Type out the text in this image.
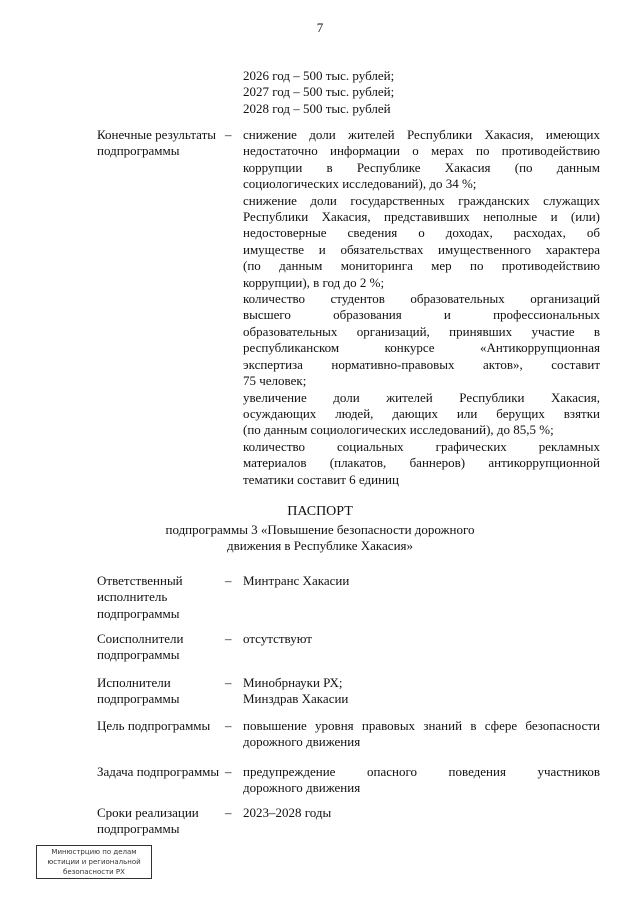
7
2026 год – 500 тыс. рублей;
2027 год – 500 тыс. рублей;
2028 год – 500 тыс. рублей
Конечные результаты подпрограммы
– снижение доли жителей Республики Хакасия, имеющих
недостаточно информации о мерах по противодействию
коррупции в Республике Хакасия (по данным
социологических исследований), до 34 %;
снижение доли государственных гражданских служащих
Республики Хакасия, представивших неполные и (или)
недостоверные сведения о доходах, расходах, об
имуществе и обязательствах имущественного характера
(по данным мониторинга мер по противодействию
коррупции), в год до 2 %;
количество студентов образовательных организаций
высшего образования и профессиональных
образовательных организаций, принявших участие в
республиканском конкурсе «Антикоррупционная
экспертиза нормативно-правовых актов», составит
75 человек;
увеличение доли жителей Республики Хакасия,
осуждающих людей, дающих или берущих взятки
(по данным социологических исследований), до 85,5 %;
количество социальных графических рекламных
материалов (плакатов, баннеров) антикоррупционной
тематики составит 6 единиц
ПАСПОРТ
подпрограммы 3 «Повышение безопасности дорожного
движения в Республике Хакасия»
Ответственный исполнитель подпрограммы
– Минтранс Хакасии
Соисполнители подпрограммы
– отсутствуют
Исполнители подпрограммы
– Минобрнауки РХ;
Минздрав Хакасии
Цель подпрограммы	– повышение уровня правовых знаний в сфере безопасности
дорожного движения
Задача подпрограммы – предупреждение опасного поведения участников
дорожного движения
Сроки реализации подпрограммы
– 2023–2028 годы
Минюстрцию по делам
юстиции и региональной
безопасности РХ
